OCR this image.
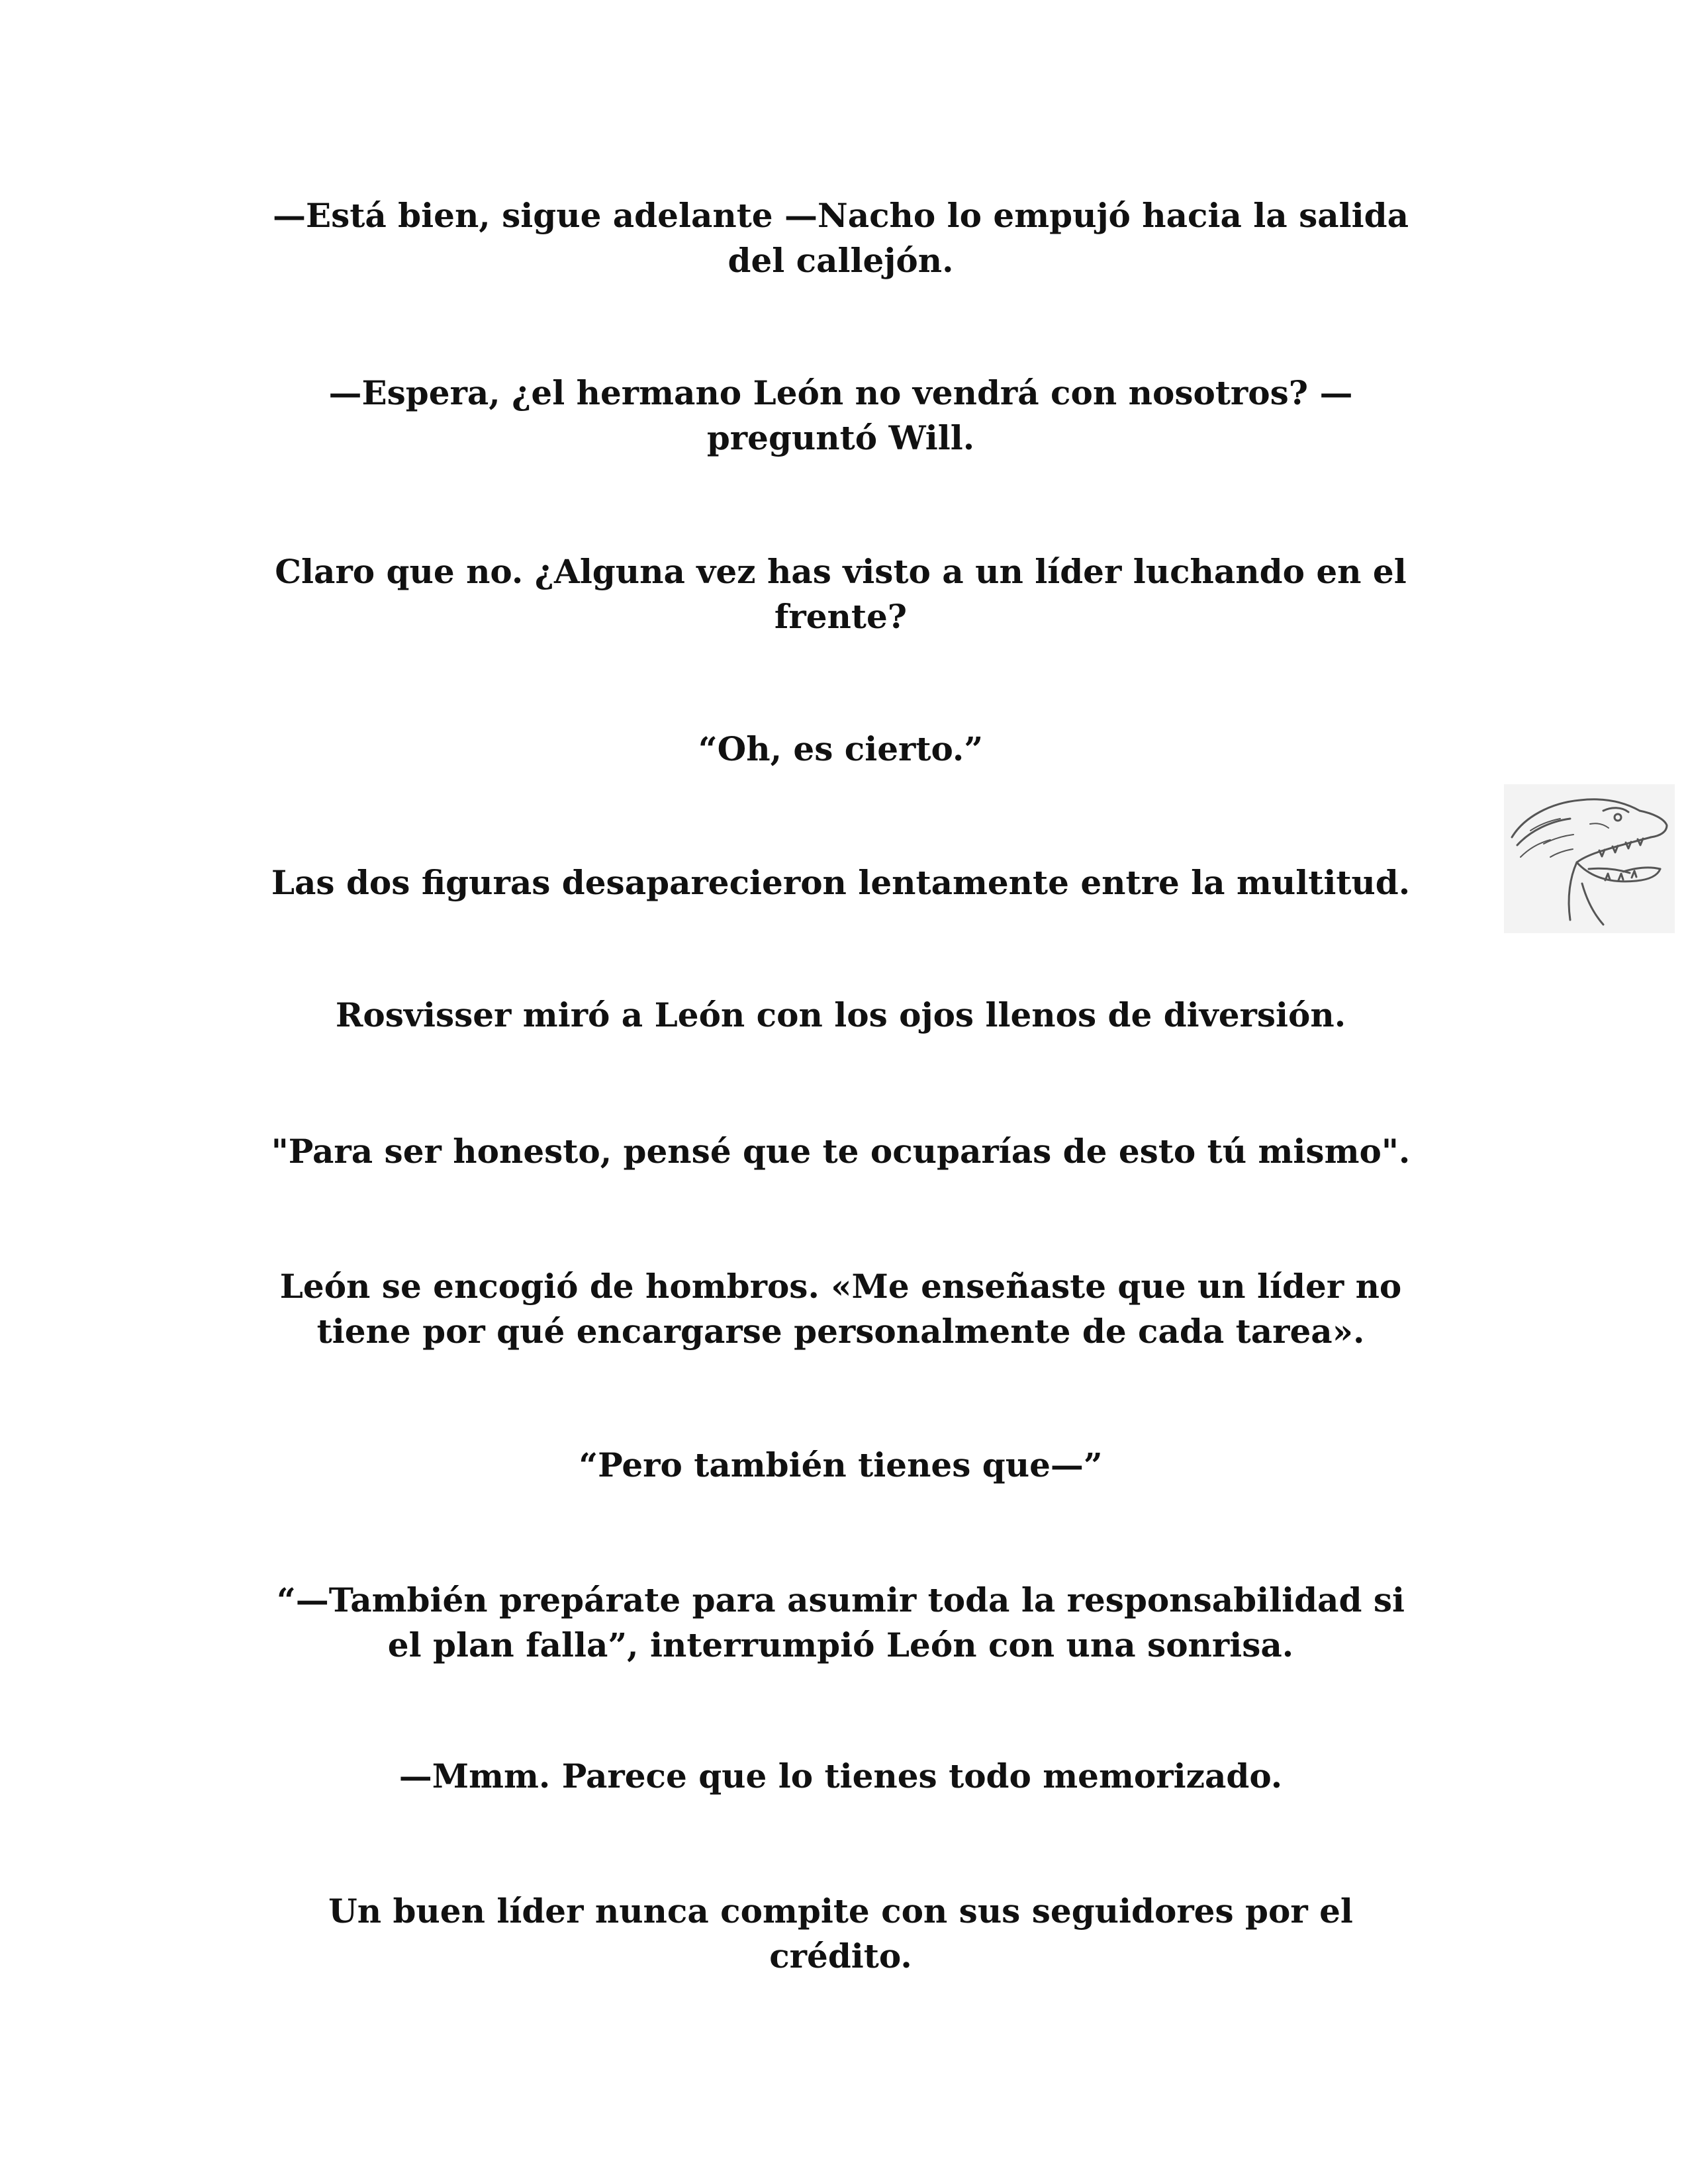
—Está bien, sigue adelante —Nacho lo empujó hacia la salida
del callejón.

—Espera, ¿el hermano León no vendrá con nosotros? —
preguntó Will.

Claro que no. ¿Alguna vez has visto a un líder luchando en el
frente?

“Oh, es cierto.”

Las dos figuras desaparecieron lentamente entre la multitud.

Rosvisser miró a León con los ojos llenos de diversión.

"Para ser honesto, pensé que te ocuparías de esto tú mismo".

León se encogió de hombros. «Me enseñaste que un líder no
tiene por qué encargarse personalmente de cada tarea».

“Pero también tienes que—”

“—También prepárate para asumir toda la responsabilidad si
el plan falla”, interrumpió León con una sonrisa.

—Mmm. Parece que lo tienes todo memorizado.

Un buen líder nunca compite con sus seguidores por el
crédito.
